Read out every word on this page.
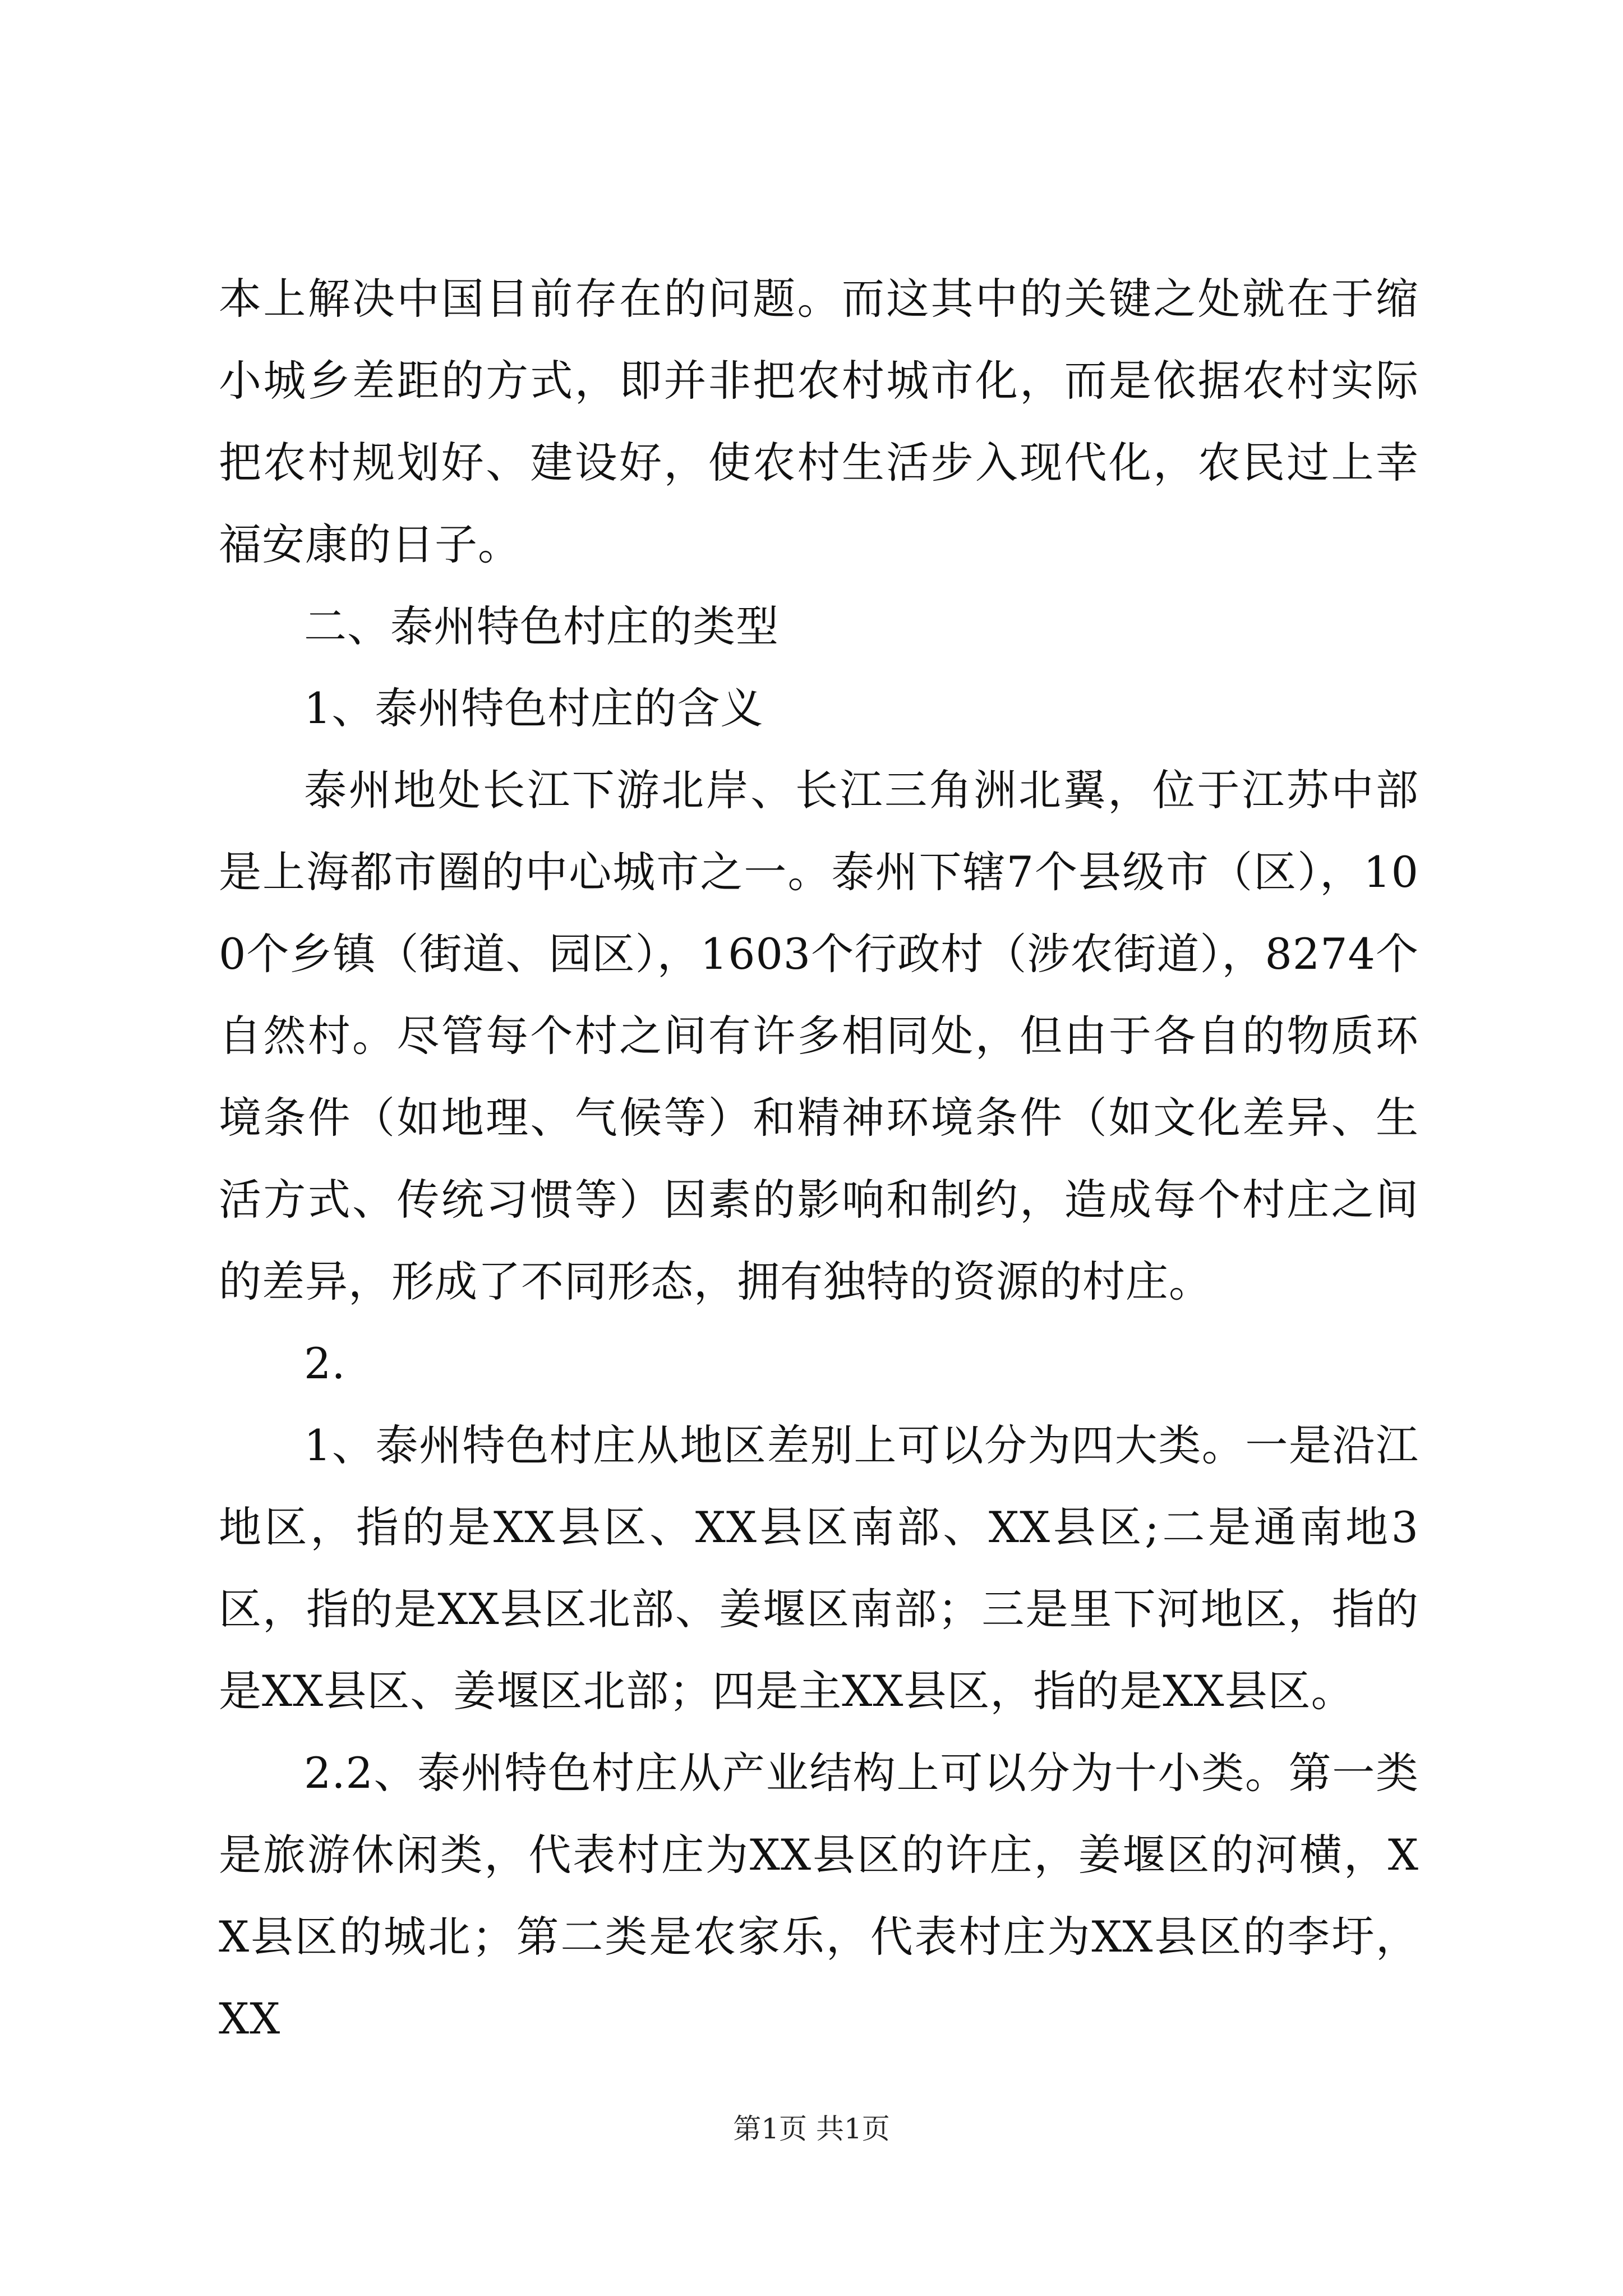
本上解决中国目前存在的问题。而这其中的关键之处就在于缩小城乡差距的方式，即并非把农村城市化，而是依据农村实际把农村规划好、建设好，使农村生活步入现代化，农民过上幸福安康的日子。

二、泰州特色村庄的类型

1、泰州特色村庄的含义

泰州地处长江下游北岸、长江三角洲北翼，位于江苏中部是上海都市圈的中心城市之一。泰州下辖7个县级市（区），100个乡镇（街道、园区），1603个行政村（涉农街道），8274个自然村。尽管每个村之间有许多相同处，但由于各自的物质环境条件（如地理、气候等）和精神环境条件（如文化差异、生活方式、传统习惯等）因素的影响和制约，造成每个村庄之间的差异，形成了不同形态，拥有独特的资源的村庄。

2.

1、泰州特色村庄从地区差别上可以分为四大类。一是沿江地区，指的是XX县区、XX县区南部、XX县区;二是通南地3区，指的是XX县区北部、姜堰区南部；三是里下河地区，指的是XX县区、姜堰区北部；四是主XX县区，指的是XX县区。

2.2、泰州特色村庄从产业结构上可以分为十小类。第一类是旅游休闲类，代表村庄为XX县区的许庄，姜堰区的河横，XX县区的城北；第二类是农家乐，代表村庄为XX县区的李圩，XX

第1页 共1页
